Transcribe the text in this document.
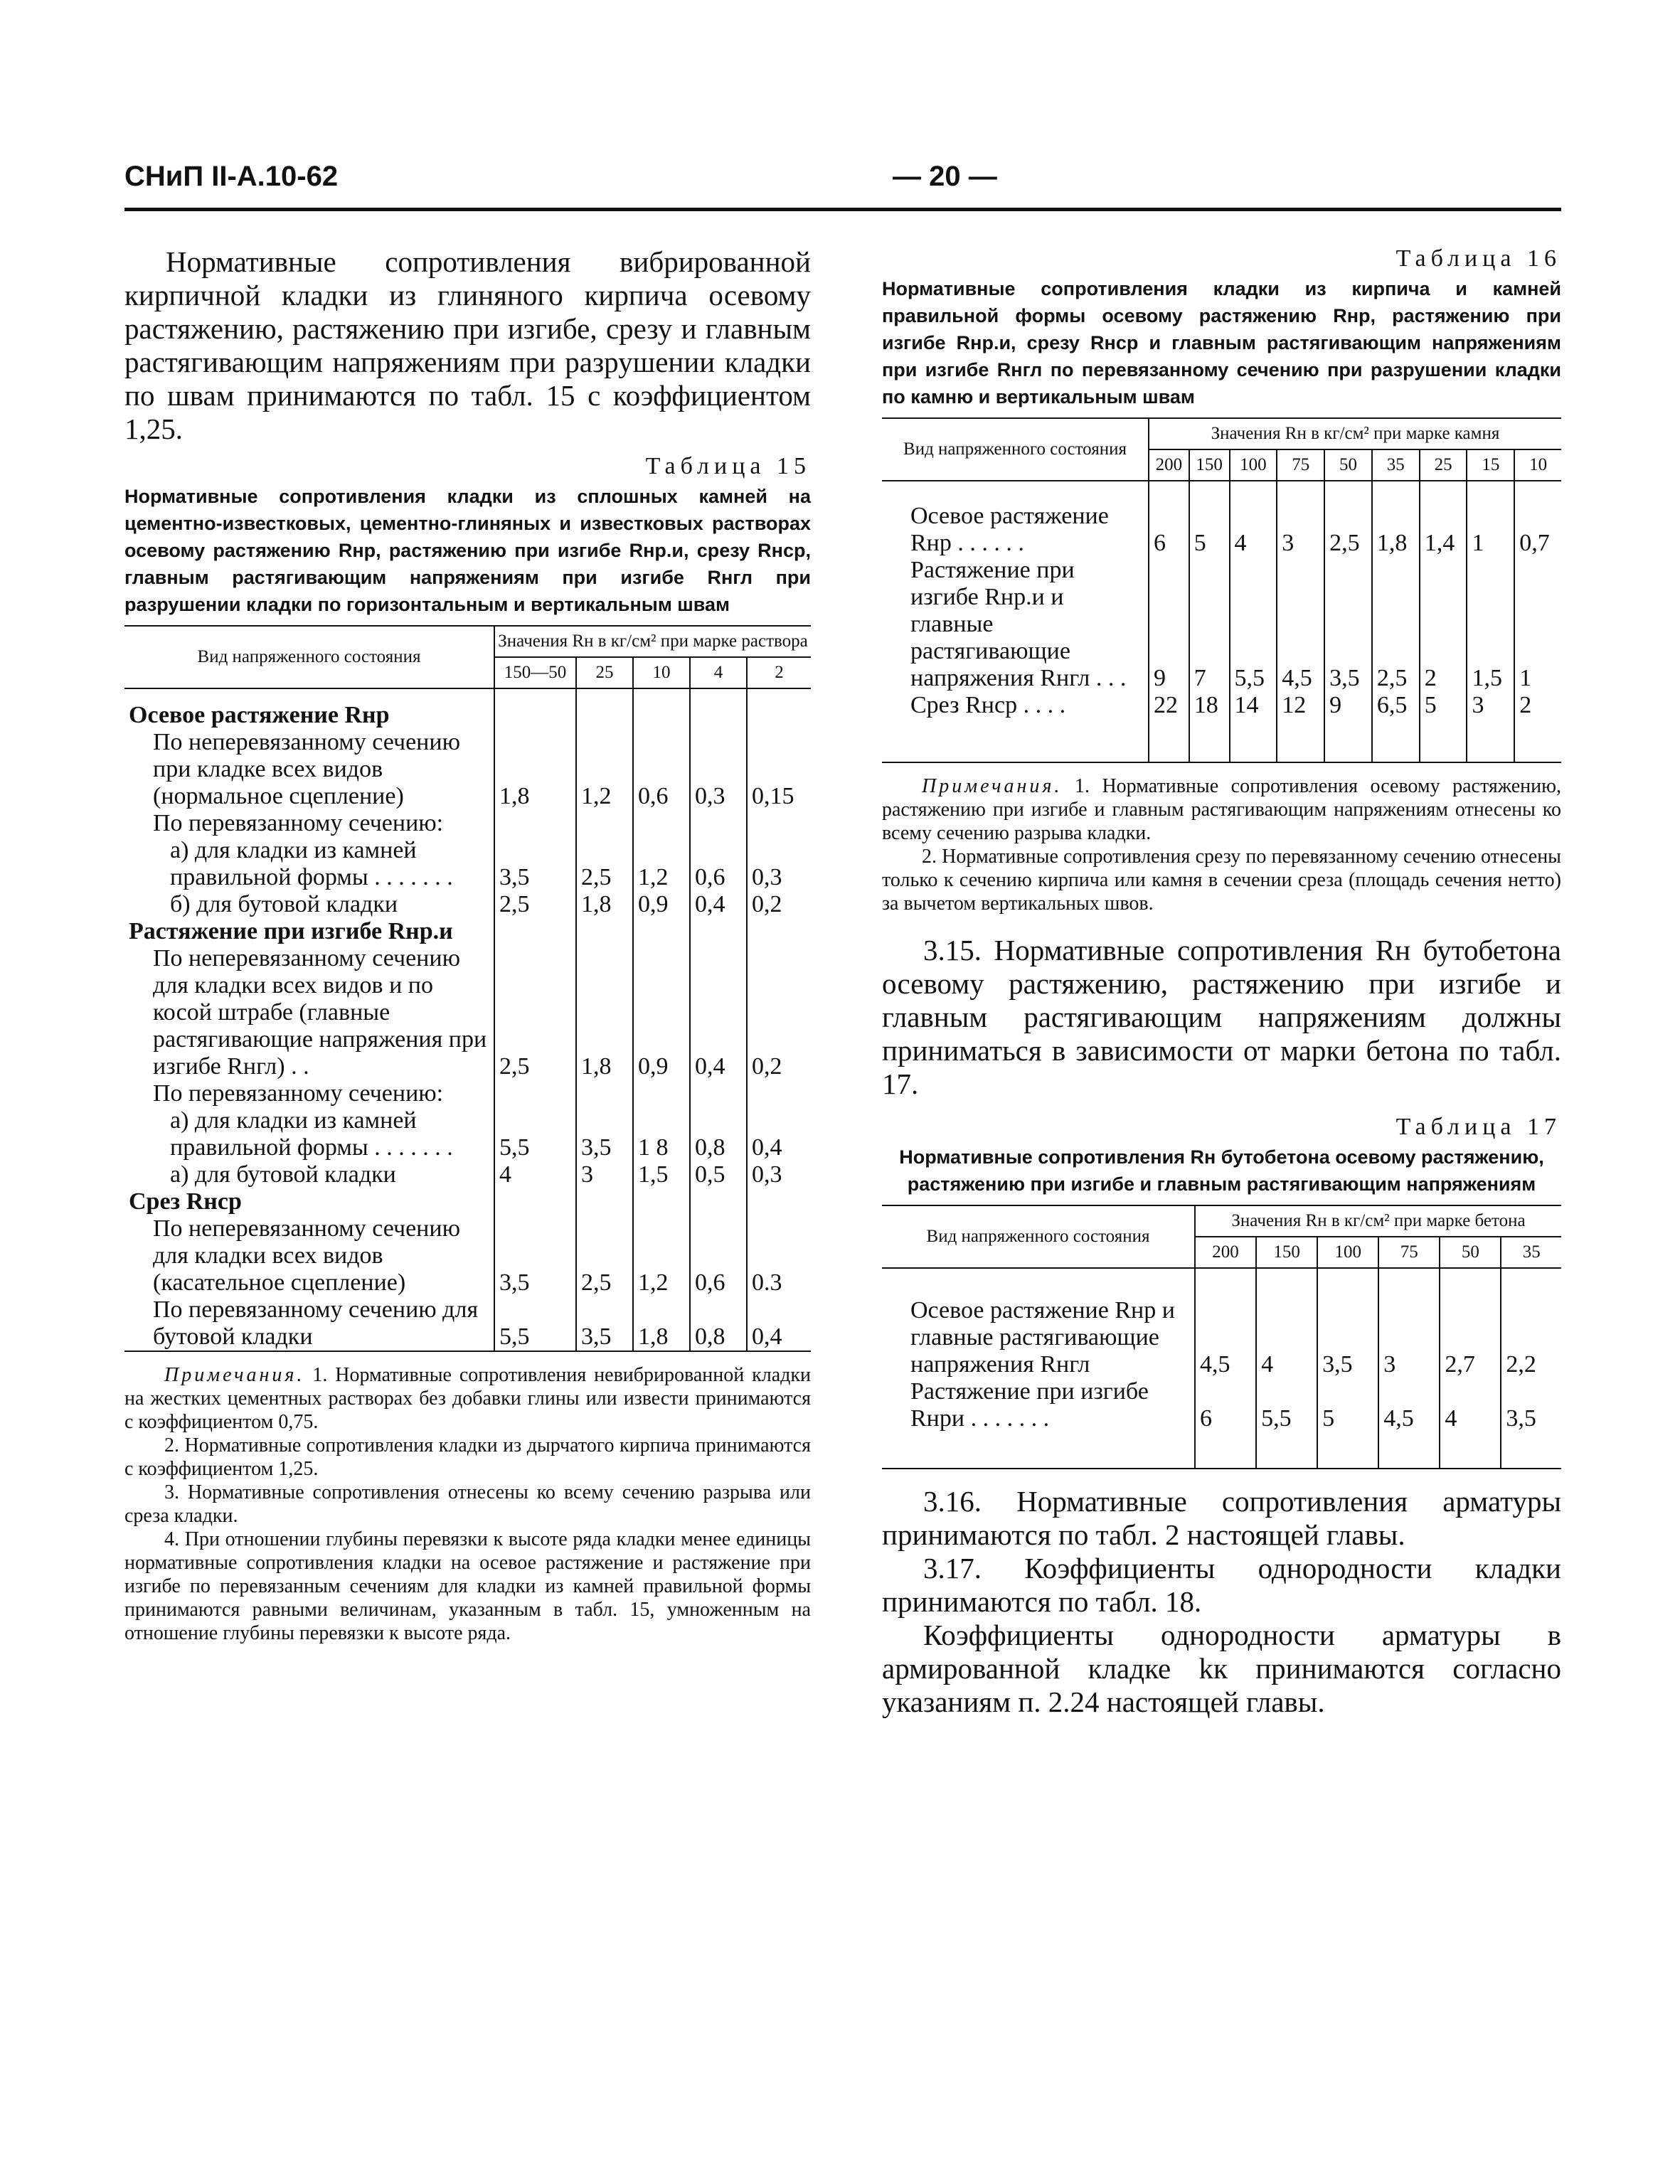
СНиП II-А.10-62	— 20 —

Нормативные сопротивления вибрированной кирпичной кладки из глиняного кирпича осевому растяжению, растяжению при изгибе, срезу и главным растягивающим напряжениям при разрушении кладки по швам принимаются по табл. 15 с коэффициентом 1,25.

Таблица 15

Нормативные сопротивления кладки из сплошных камней на цементно-известковых, цементно-глиняных и известковых растворах осевому растяжению Rнр, растяжению при изгибе Rнр.и, срезу Rнср, главным растягивающим напряжениям при изгибе Rнгл при разрушении кладки по горизонтальным и вертикальным швам

Вид напряженного состояния	Значения Rн в кг/см² при марке раствора				
	150—50	25	10	4	2
Осевое растяжение Rнр					
По неперевязанному сечению при кладке всех видов (нормальное сцепление)	1,8	1,2	0,6	0,3	0,15
По перевязанному сечению:					
а) для кладки из камней правильной формы . . . . . . .	3,5	2,5	1,2	0,6	0,3
б) для бутовой кладки	2,5	1,8	0,9	0,4	0,2
Растяжение при изгибе Rнр.и					
По неперевязанному сечению для кладки всех видов и по косой штрабе (главные растягивающие напряжения при изгибе Rнгл) . .	2,5	1,8	0,9	0,4	0,2
По перевязанному сечению:					
а) для кладки из камней правильной формы . . . . . . .	5,5	3,5	1 8	0,8	0,4
а) для бутовой кладки	4	3	1,5	0,5	0,3
Срез Rнср					
По неперевязанному сечению для кладки всех видов (касательное сцепление)	3,5	2,5	1,2	0,6	0.3
По перевязанному сечению для бутовой кладки	5,5	3,5	1,8	0,8	0,4

Примечания. 1. Нормативные сопротивления невибрированной кладки на жестких цементных растворах без добавки глины или извести принимаются с коэффициентом 0,75.

2. Нормативные сопротивления кладки из дырчатого кирпича принимаются с коэффициентом 1,25.

3. Нормативные сопротивления отнесены ко всему сечению разрыва или среза кладки.

4. При отношении глубины перевязки к высоте ряда кладки менее единицы нормативные сопротивления кладки на осевое растяжение и растяжение при изгибе по перевязанным сечениям для кладки из камней правильной формы принимаются равными величинам, указанным в табл. 15, умноженным на отношение глубины перевязки к высоте ряда.

Таблица 16

Нормативные сопротивления кладки из кирпича и камней правильной формы осевому растяжению Rнр, растяжению при изгибе Rнр.и, срезу Rнср и главным растягивающим напряжениям при изгибе Rнгл по перевязанному сечению при разрушении кладки по камню и вертикальным швам

Вид напряженного состояния	Значения Rн в кг/см² при марке камня								
	200	150	100	75	50	35	25	15	10
Осевое растяжение Rнр . . . . . .	6	5	4	3	2,5	1,8	1,4	1	0,7
Растяжение при изгибе Rнр.и и главные растягивающие напряжения Rнгл . . .	9	7	5,5	4,5	3,5	2,5	2	1,5	1
Срез Rнср . . . .	22	18	14	12	9	6,5	5	3	2

Примечания. 1. Нормативные сопротивления осевому растяжению, растяжению при изгибе и главным растягивающим напряжениям отнесены ко всему сечению разрыва кладки.

2. Нормативные сопротивления срезу по перевязанному сечению отнесены только к сечению кирпича или камня в сечении среза (площадь сечения нетто) за вычетом вертикальных швов.

3.15. Нормативные сопротивления Rн бутобетона осевому растяжению, растяжению при изгибе и главным растягивающим напряжениям должны приниматься в зависимости от марки бетона по табл. 17.

Таблица 17

Нормативные сопротивления Rн бутобетона осевому растяжению, растяжению при изгибе и главным растягивающим напряжениям

Вид напряженного состояния	Значения Rн в кг/см² при марке бетона					
	200	150	100	75	50	35
Осевое растяжение Rнр и главные растягивающие напряжения Rнгл	4,5	4	3,5	3	2,7	2,2
Растяжение при изгибе Rнри . . . . . . .	6	5,5	5	4,5	4	3,5

3.16. Нормативные сопротивления арматуры принимаются по табл. 2 настоящей главы.

3.17. Коэффициенты однородности кладки принимаются по табл. 18.

Коэффициенты однородности арматуры в армированной кладке kк принимаются согласно указаниям п. 2.24 настоящей главы.
